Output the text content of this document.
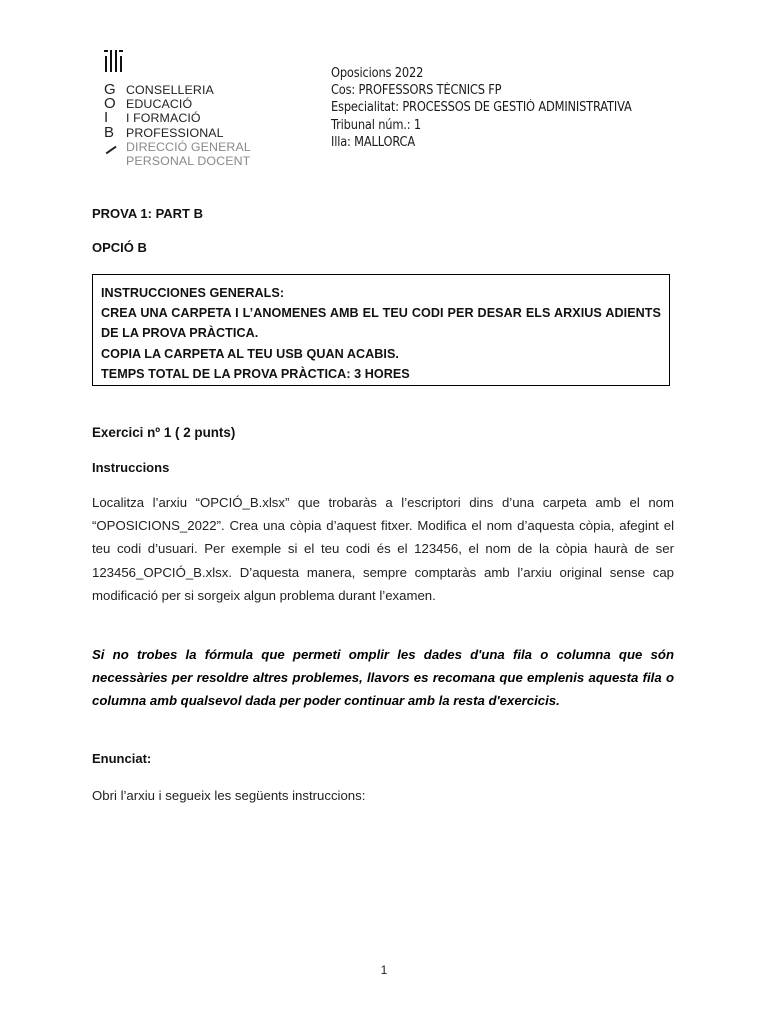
G CONSELLERIA
O EDUCACIÓ
I	I FORMACIÓ
B PROFESSIONAL
DIRECCIÓ GENERAL
PERSONAL DOCENT
Oposicions 2022
Cos: PROFESSORS TÈCNICS FP
Especialitat: PROCESSOS DE GESTIÓ ADMINISTRATIVA
Tribunal núm.: 1
Illa: MALLORCA
PROVA 1: PART B
OPCIÓ B
INSTRUCCIONES GENERALS:
CREA UNA CARPETA I L’ANOMENES AMB EL TEU CODI PER DESAR ELS ARXIUS ADIENTS DE LA PROVA PRÀCTICA.
COPIA LA CARPETA AL TEU USB QUAN ACABIS.
TEMPS TOTAL DE LA PROVA PRÀCTICA: 3 HORES
Exercici nº 1 ( 2 punts)
Instruccions
Localitza l’arxiu “OPCIÓ_B.xlsx” que trobaràs a l’escriptori dins d’una carpeta amb el nom “OPOSICIONS_2022”. Crea una còpia d’aquest fitxer. Modifica el nom d’aquesta còpia, afegint el teu codi d’usuari. Per exemple si el teu codi és el 123456, el nom de la còpia haurà de ser 123456_OPCIÓ_B.xlsx. D’aquesta manera, sempre comptaràs amb l’arxiu original sense cap modificació per si sorgeix algun problema durant l’examen.
Si no trobes la fórmula que permeti omplir les dades d'una fila o columna que són necessàries per resoldre altres problemes, llavors es recomana que emplenis aquesta fila o columna amb qualsevol dada per poder continuar amb la resta d'exercicis.
Enunciat:
Obri l’arxiu i segueix les següents instruccions:
1
